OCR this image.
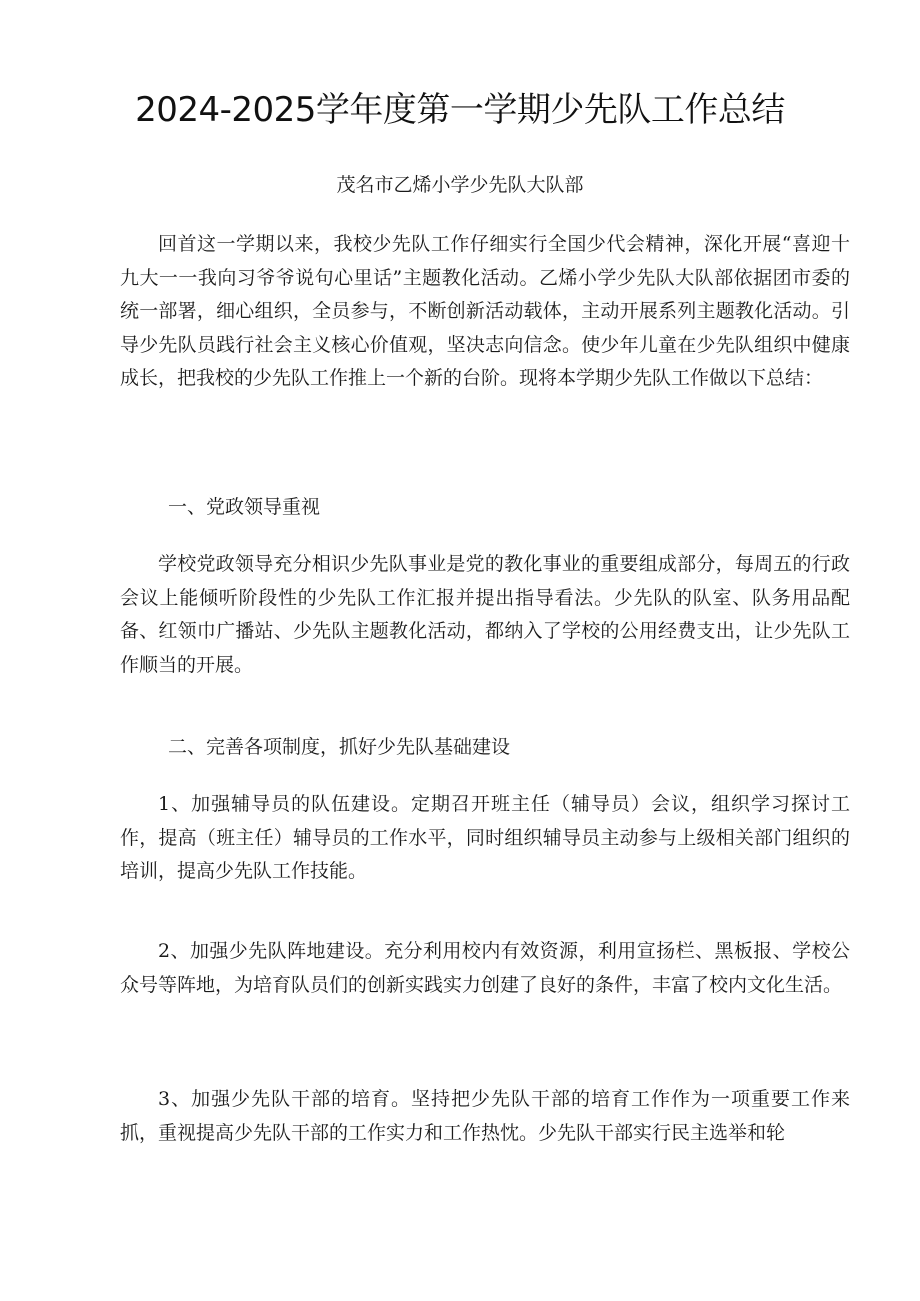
2024-2025学年度第一学期少先队工作总结
茂名市乙烯小学少先队大队部
回首这一学期以来，我校少先队工作仔细实行全国少代会精神，深化开展“喜迎十九大一一我向习爷爷说句心里话”主题教化活动。乙烯小学少先队大队部依据团市委的统一部署，细心组织，全员参与，不断创新活动载体，主动开展系列主题教化活动。引导少先队员践行社会主义核心价值观，坚决志向信念。使少年儿童在少先队组织中健康成长，把我校的少先队工作推上一个新的台阶。现将本学期少先队工作做以下总结：
一、党政领导重视
学校党政领导充分相识少先队事业是党的教化事业的重要组成部分，每周五的行政会议上能倾听阶段性的少先队工作汇报并提出指导看法。少先队的队室、队务用品配备、红领巾广播站、少先队主题教化活动，都纳入了学校的公用经费支出，让少先队工作顺当的开展。
二、完善各项制度，抓好少先队基础建设
1、加强辅导员的队伍建设。定期召开班主任（辅导员）会议，组织学习探讨工作，提高（班主任）辅导员的工作水平，同时组织辅导员主动参与上级相关部门组织的培训，提高少先队工作技能。
2、加强少先队阵地建设。充分利用校内有效资源，利用宣扬栏、黑板报、学校公众号等阵地，为培育队员们的创新实践实力创建了良好的条件，丰富了校内文化生活。
3、加强少先队干部的培育。坚持把少先队干部的培育工作作为一项重要工作来抓，重视提高少先队干部的工作实力和工作热忱。少先队干部实行民主选举和轮
